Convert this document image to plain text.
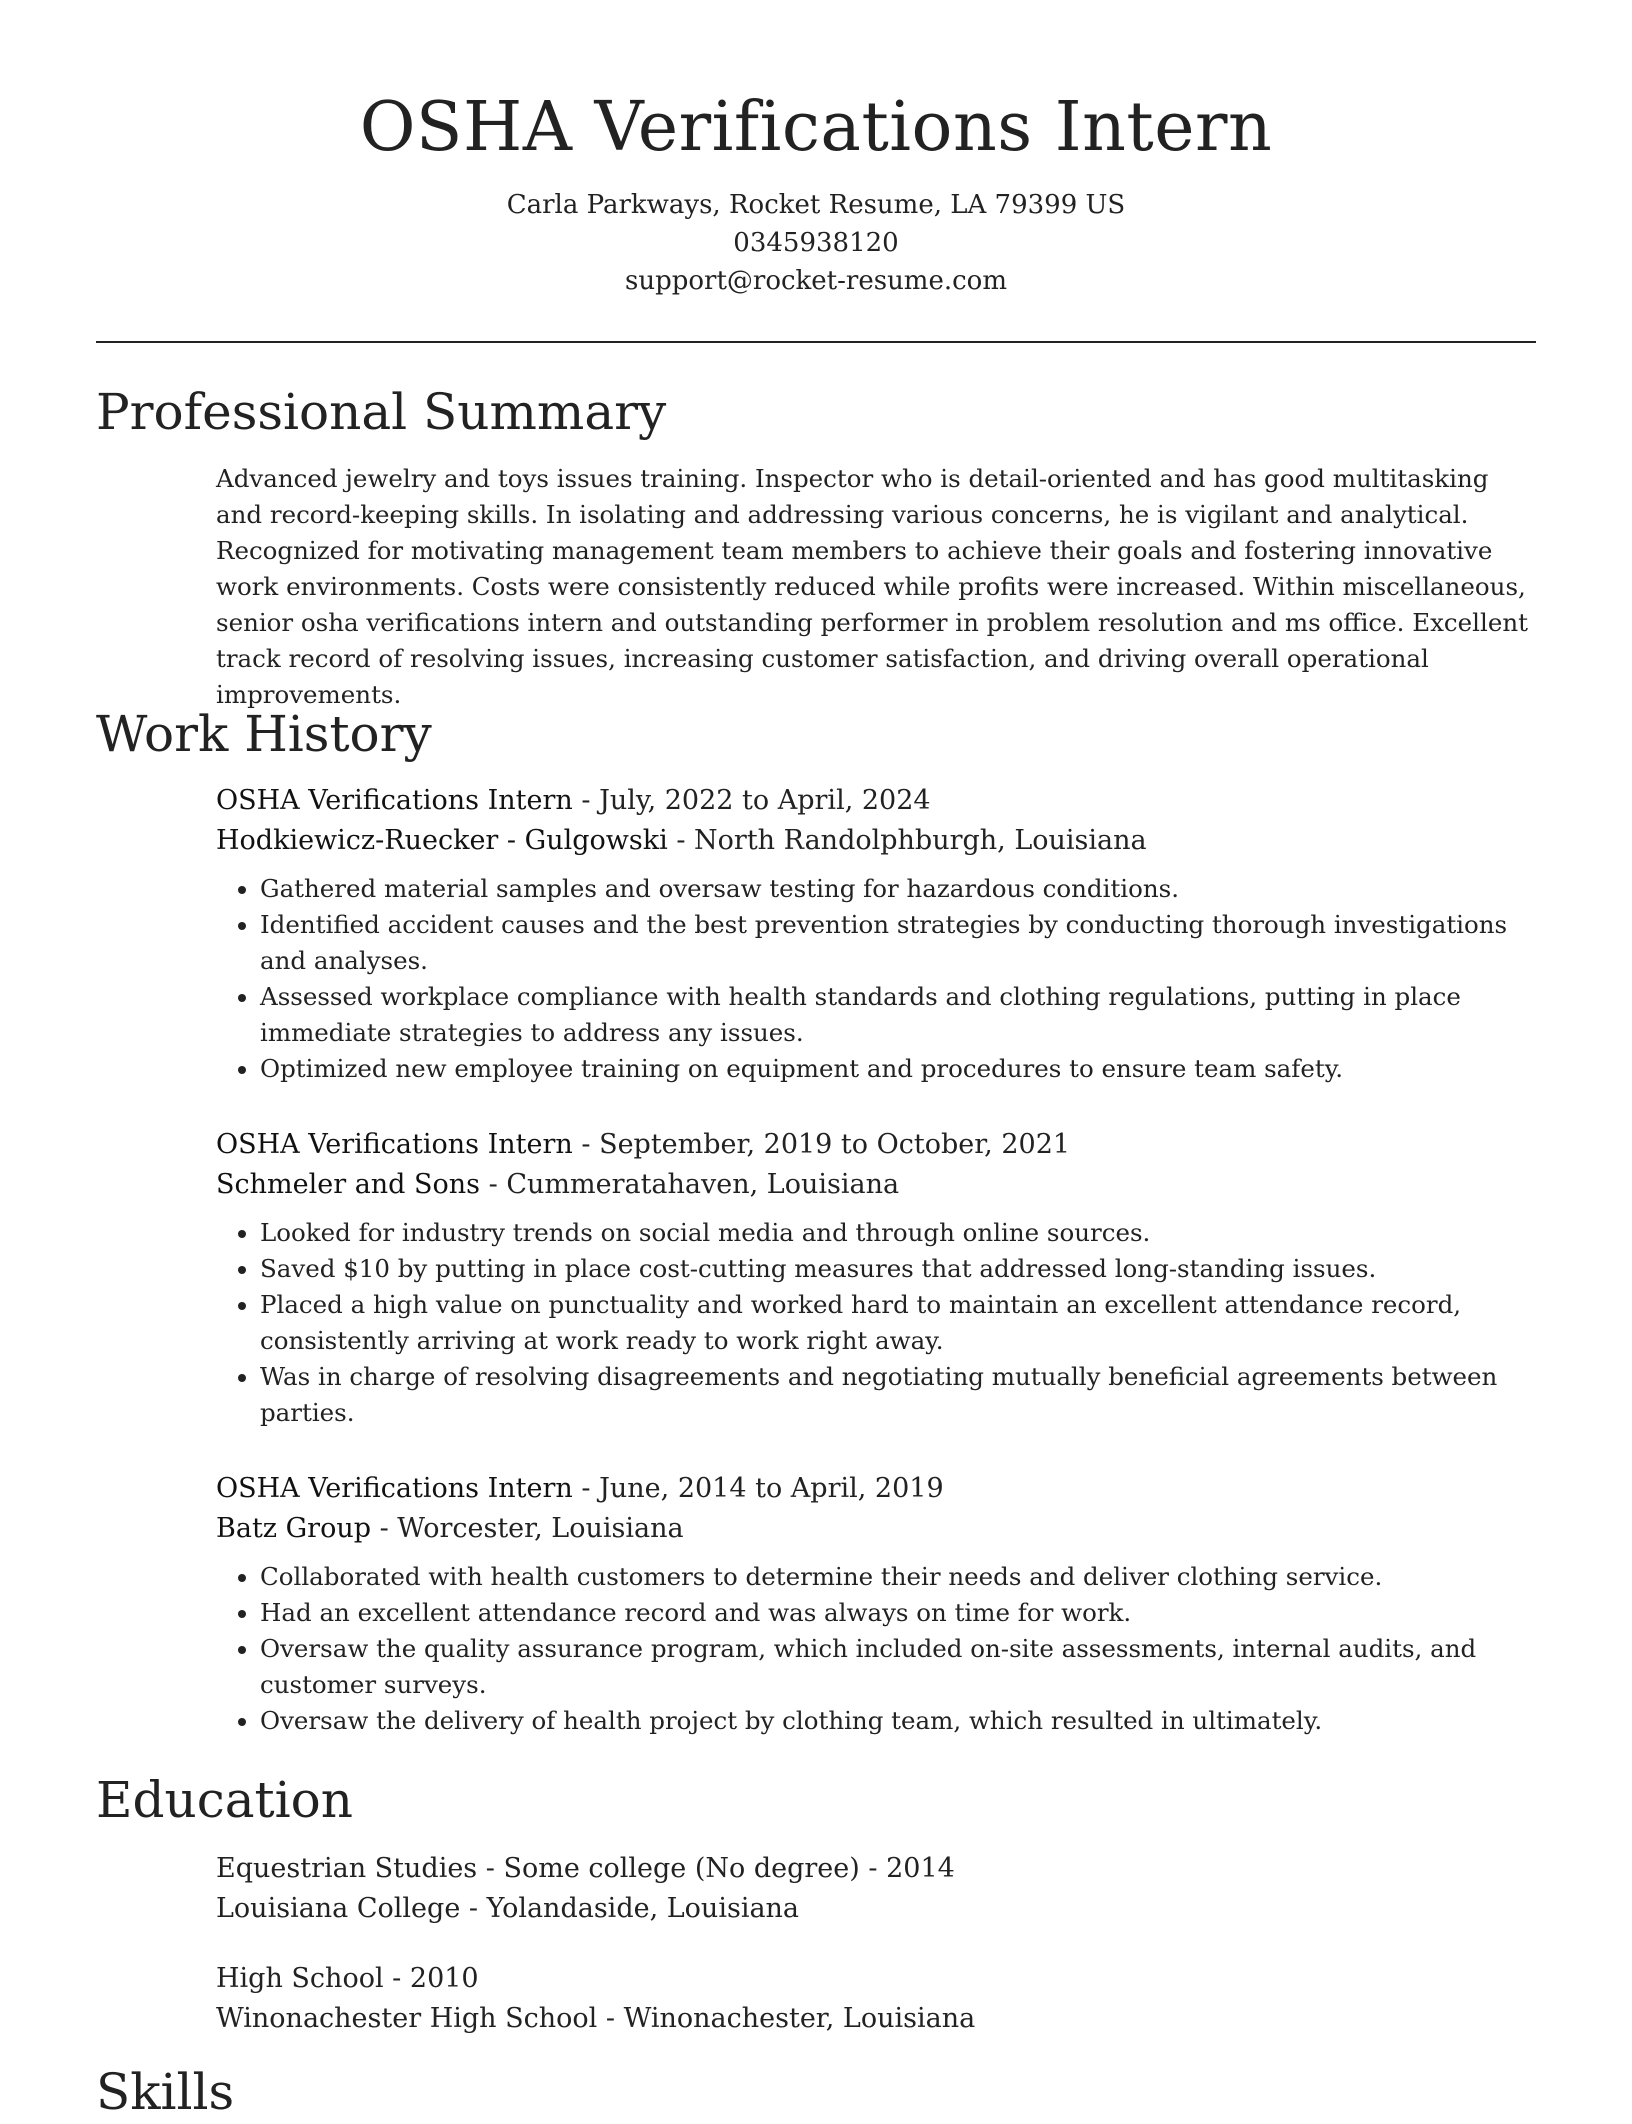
OSHA Verifications Intern
Carla Parkways, Rocket Resume, LA 79399 US
0345938120
support@rocket-resume.com
Professional Summary
Advanced jewelry and toys issues training. Inspector who is detail-oriented and has good multitasking and record-keeping skills. In isolating and addressing various concerns, he is vigilant and analytical. Recognized for motivating management team members to achieve their goals and fostering innovative work environments. Costs were consistently reduced while profits were increased. Within miscellaneous, senior osha verifications intern and outstanding performer in problem resolution and ms office. Excellent track record of resolving issues, increasing customer satisfaction, and driving overall operational improvements.
Work History
OSHA Verifications Intern - July, 2022 to April, 2024
Hodkiewicz-Ruecker - Gulgowski - North Randolphburgh, Louisiana
• Gathered material samples and oversaw testing for hazardous conditions.
• Identified accident causes and the best prevention strategies by conducting thorough investigations and analyses.
• Assessed workplace compliance with health standards and clothing regulations, putting in place immediate strategies to address any issues.
• Optimized new employee training on equipment and procedures to ensure team safety.
OSHA Verifications Intern - September, 2019 to October, 2021
Schmeler and Sons - Cummeratahaven, Louisiana
• Looked for industry trends on social media and through online sources.
• Saved $10 by putting in place cost-cutting measures that addressed long-standing issues.
• Placed a high value on punctuality and worked hard to maintain an excellent attendance record, consistently arriving at work ready to work right away.
• Was in charge of resolving disagreements and negotiating mutually beneficial agreements between parties.
OSHA Verifications Intern - June, 2014 to April, 2019
Batz Group - Worcester, Louisiana
• Collaborated with health customers to determine their needs and deliver clothing service.
• Had an excellent attendance record and was always on time for work.
• Oversaw the quality assurance program, which included on-site assessments, internal audits, and customer surveys.
• Oversaw the delivery of health project by clothing team, which resulted in ultimately.
Education
Equestrian Studies - Some college (No degree) - 2014
Louisiana College - Yolandaside, Louisiana
High School - 2010
Winonachester High School - Winonachester, Louisiana
Skills
